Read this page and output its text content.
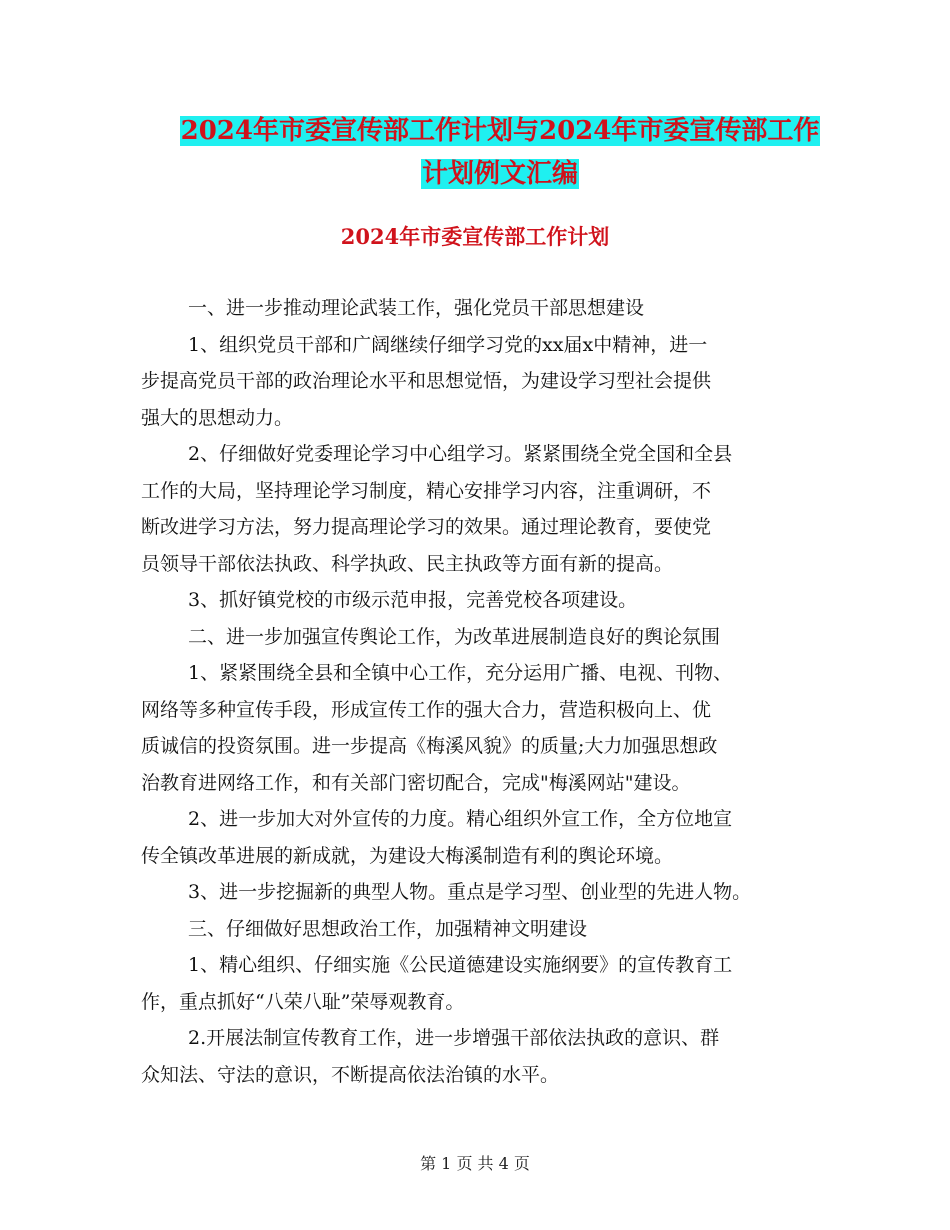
2024年市委宣传部工作计划与2024年市委宣传部工作
计划例文汇编
2024年市委宣传部工作计划
一、进一步推动理论武装工作，强化党员干部思想建设
1、组织党员干部和广阔继续仔细学习党的xx届x中精神，进一
步提高党员干部的政治理论水平和思想觉悟，为建设学习型社会提供
强大的思想动力。
2、仔细做好党委理论学习中心组学习。紧紧围绕全党全国和全县
工作的大局，坚持理论学习制度，精心安排学习内容，注重调研，不
断改进学习方法，努力提高理论学习的效果。通过理论教育，要使党
员领导干部依法执政、科学执政、民主执政等方面有新的提高。
3、抓好镇党校的市级示范申报，完善党校各项建设。
二、进一步加强宣传舆论工作，为改革进展制造良好的舆论氛围
1、紧紧围绕全县和全镇中心工作，充分运用广播、电视、刊物、
网络等多种宣传手段，形成宣传工作的强大合力，营造积极向上、优
质诚信的投资氛围。进一步提高《梅溪风貌》的质量;大力加强思想政
治教育进网络工作，和有关部门密切配合，完成"梅溪网站"建设。
2、进一步加大对外宣传的力度。精心组织外宣工作，全方位地宣
传全镇改革进展的新成就，为建设大梅溪制造有利的舆论环境。
3、进一步挖掘新的典型人物。重点是学习型、创业型的先进人物。
三、仔细做好思想政治工作，加强精神文明建设
1、精心组织、仔细实施《公民道德建设实施纲要》的宣传教育工
作，重点抓好“八荣八耻”荣辱观教育。
2.开展法制宣传教育工作，进一步增强干部依法执政的意识、群
众知法、守法的意识，不断提高依法治镇的水平。
第 1 页 共 4 页
